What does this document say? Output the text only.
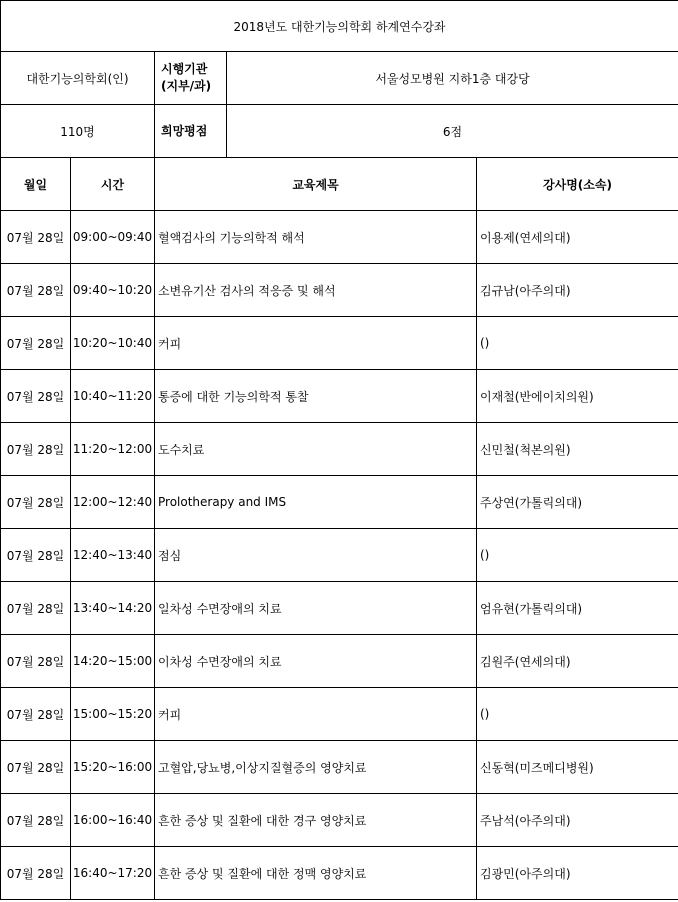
2018년도 대한기능의학회 하계연수강좌				
대한기능의학회(인)		시행기관
(지부/과)	서울성모병원 지하1층 대강당	
110명		희망평점	6점	
월일	시간	교육제목		강사명(소속)
07월 28일	09:00~09:40	혈액검사의 기능의학적 해석		이용제(연세의대)
07월 28일	09:40~10:20	소변유기산 검사의 적응증 및 해석		김규남(아주의대)
07월 28일	10:20~10:40	커피		()
07월 28일	10:40~11:20	통증에 대한 기능의학적 통찰		이재철(반에이치의원)
07월 28일	11:20~12:00	도수치료		신민철(척본의원)
07월 28일	12:00~12:40	Prolotherapy and IMS		주상연(가톨릭의대)
07월 28일	12:40~13:40	점심		()
07월 28일	13:40~14:20	일차성 수면장애의 치료		엄유현(가톨릭의대)
07월 28일	14:20~15:00	이차성 수면장애의 치료		김원주(연세의대)
07월 28일	15:00~15:20	커피		()
07월 28일	15:20~16:00	고혈압,당뇨병,이상지질혈증의 영양치료		신동혁(미즈메디병원)
07월 28일	16:00~16:40	흔한 증상 및 질환에 대한 경구 영양치료		주남석(아주의대)
07월 28일	16:40~17:20	흔한 증상 및 질환에 대한 정맥 영양치료		김광민(아주의대)
